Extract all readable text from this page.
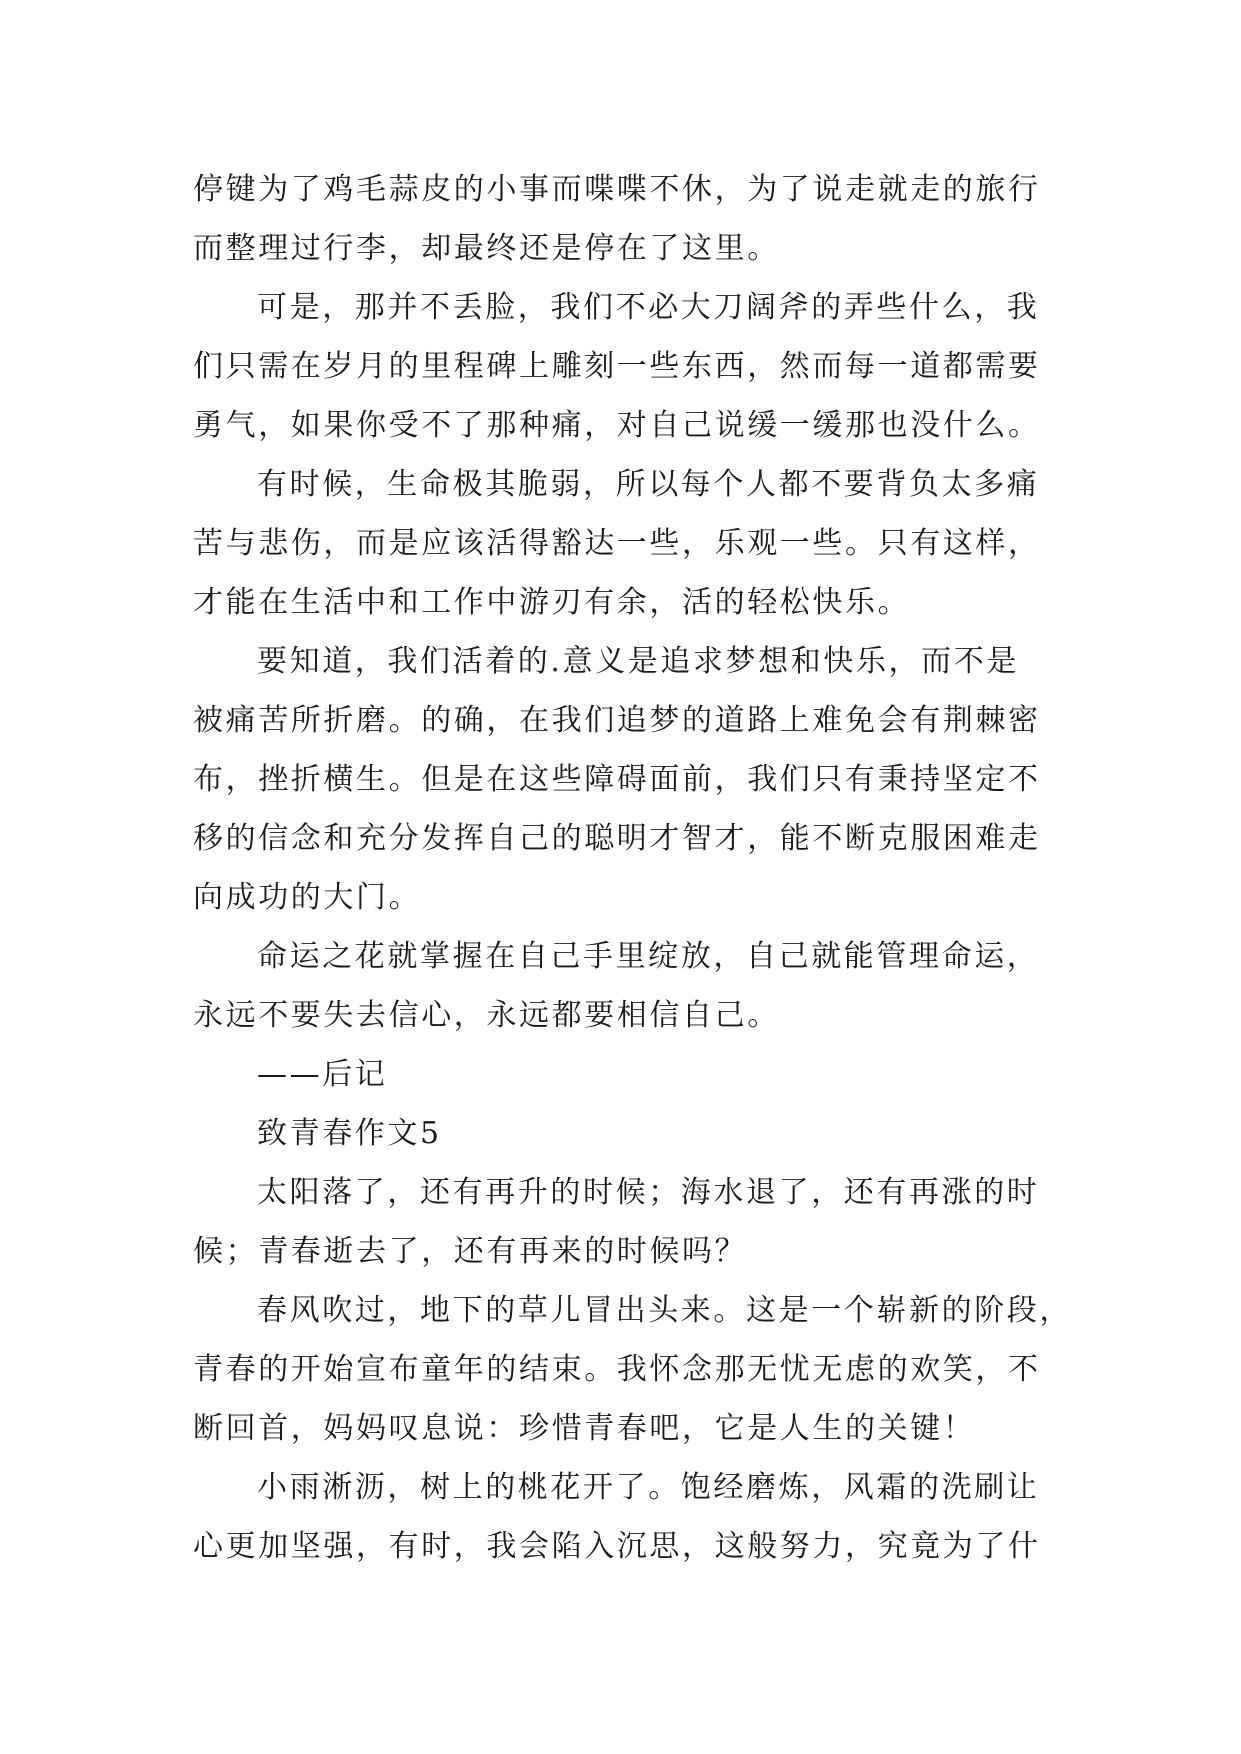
停键为了鸡毛蒜皮的小事而喋喋不休，为了说走就走的旅行
而整理过行李，却最终还是停在了这里。
可是，那并不丢脸，我们不必大刀阔斧的弄些什么，我
们只需在岁月的里程碑上雕刻一些东西，然而每一道都需要
勇气，如果你受不了那种痛，对自己说缓一缓那也没什么。
有时候，生命极其脆弱，所以每个人都不要背负太多痛
苦与悲伤，而是应该活得豁达一些，乐观一些。只有这样，
才能在生活中和工作中游刃有余，活的轻松快乐。
要知道，我们活着的.意义是追求梦想和快乐，而不是
被痛苦所折磨。的确，在我们追梦的道路上难免会有荆棘密
布，挫折横生。但是在这些障碍面前，我们只有秉持坚定不
移的信念和充分发挥自己的聪明才智才，能不断克服困难走
向成功的大门。
命运之花就掌握在自己手里绽放，自己就能管理命运，
永远不要失去信心，永远都要相信自己。
——后记
致青春作文5
太阳落了，还有再升的时候；海水退了，还有再涨的时
候；青春逝去了，还有再来的时候吗？
春风吹过，地下的草儿冒出头来。这是一个崭新的阶段，
青春的开始宣布童年的结束。我怀念那无忧无虑的欢笑，不
断回首，妈妈叹息说：珍惜青春吧，它是人生的关键！
小雨淅沥，树上的桃花开了。饱经磨炼，风霜的洗刷让
心更加坚强，有时，我会陷入沉思，这般努力，究竟为了什
